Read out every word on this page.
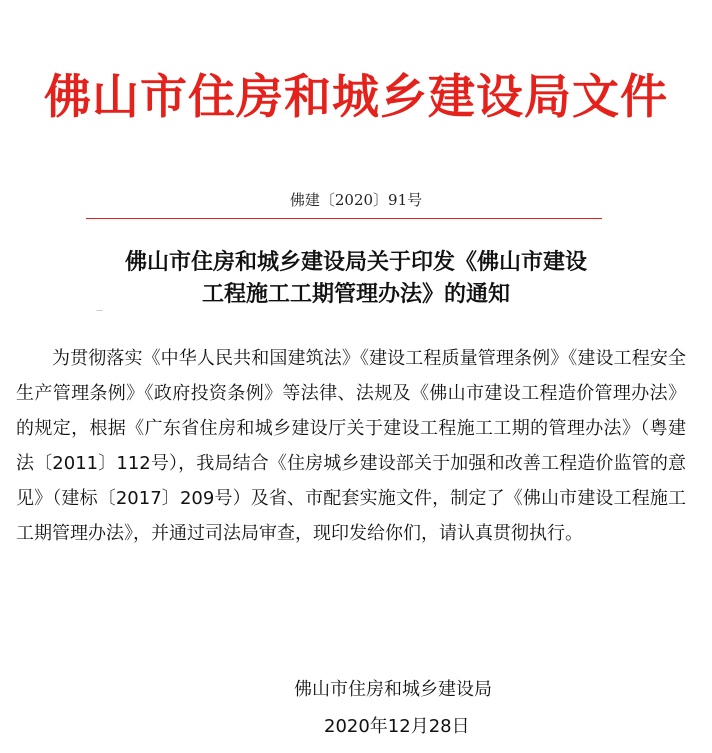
佛山市住房和城乡建设局文件
佛建〔2020〕91号
佛山市住房和城乡建设局关于印发《佛山市建设
工程施工工期管理办法》的通知
—

为贯彻落实《中华人民共和国建筑法》《建设工程质量管理条例》《建设工程安全生产管理条例》《政府投资条例》等法律、法规及《佛山市建设工程造价管理办法》的规定，根据《广东省住房和城乡建设厅关于建设工程施工工期的管理办法》（粤建法〔2011〕112号），我局结合《住房城乡建设部关于加强和改善工程造价监管的意见》（建标〔2017〕209号）及省、市配套实施文件，制定了《佛山市建设工程施工工期管理办法》，并通过司法局审查，现印发给你们，请认真贯彻执行。

佛山市住房和城乡建设局
2020年12月28日
